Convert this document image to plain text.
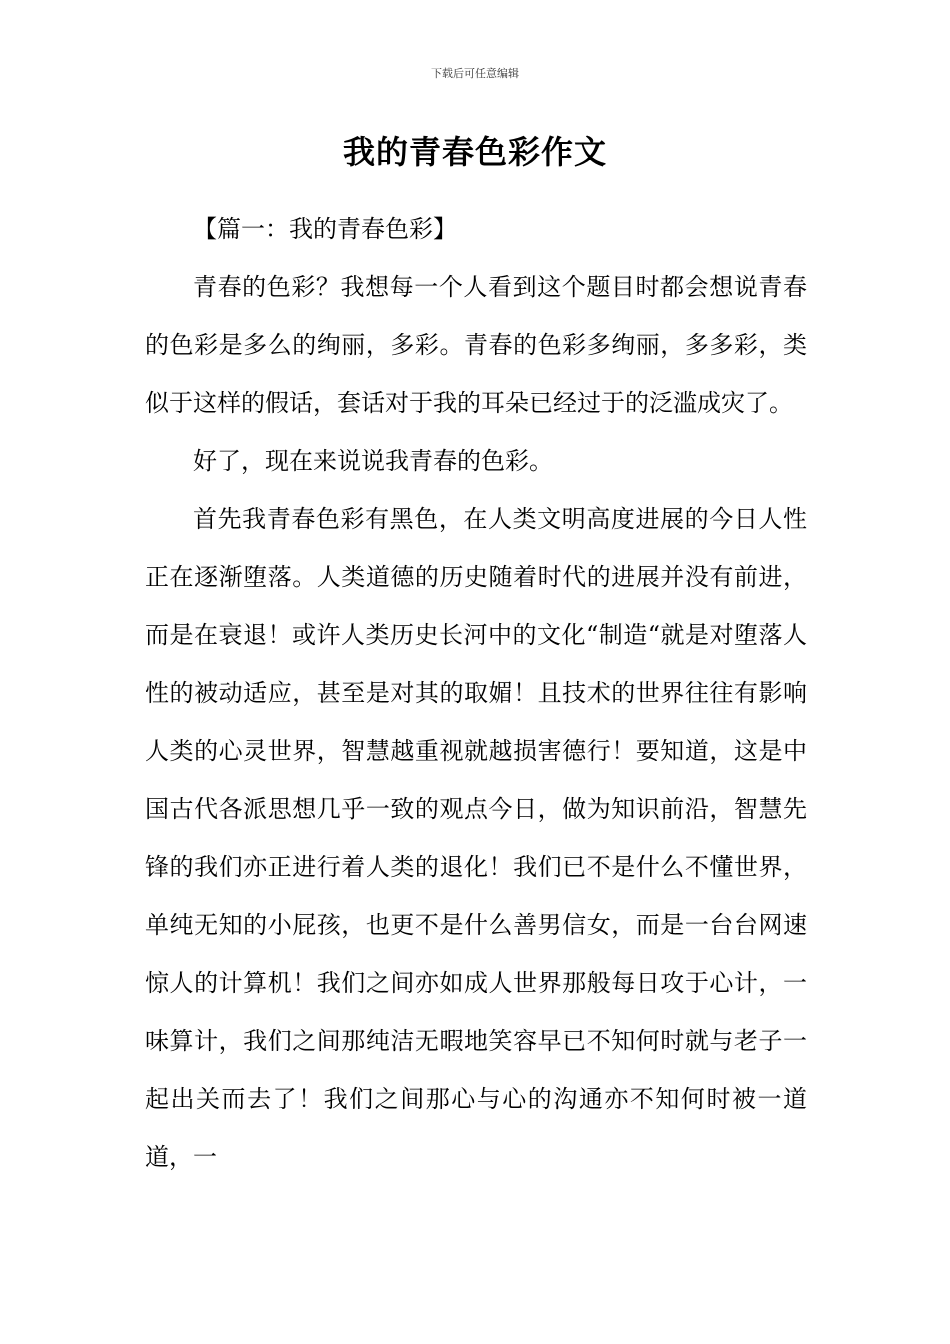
下载后可任意编辑
我的青春色彩作文

【篇一：我的青春色彩】

青春的色彩？我想每一个人看到这个题目时都会想说青春的色彩是多么的绚丽，多彩。青春的色彩多绚丽，多多彩，类似于这样的假话，套话对于我的耳朵已经过于的泛滥成灾了。

好了，现在来说说我青春的色彩。

首先我青春色彩有黑色，在人类文明高度进展的今日人性正在逐渐堕落。人类道德的历史随着时代的进展并没有前进，而是在衰退！或许人类历史长河中的文化“制造“就是对堕落人性的被动适应，甚至是对其的取媚！且技术的世界往往有影响人类的心灵世界，智慧越重视就越损害德行！要知道，这是中国古代各派思想几乎一致的观点今日，做为知识前沿，智慧先锋的我们亦正进行着人类的退化！我们已不是什么不懂世界，单纯无知的小屁孩，也更不是什么善男信女，而是一台台网速惊人的计算机！我们之间亦如成人世界那般每日攻于心计，一味算计，我们之间那纯洁无暇地笑容早已不知何时就与老子一起出关而去了！我们之间那心与心的沟通亦不知何时被一道道，一
